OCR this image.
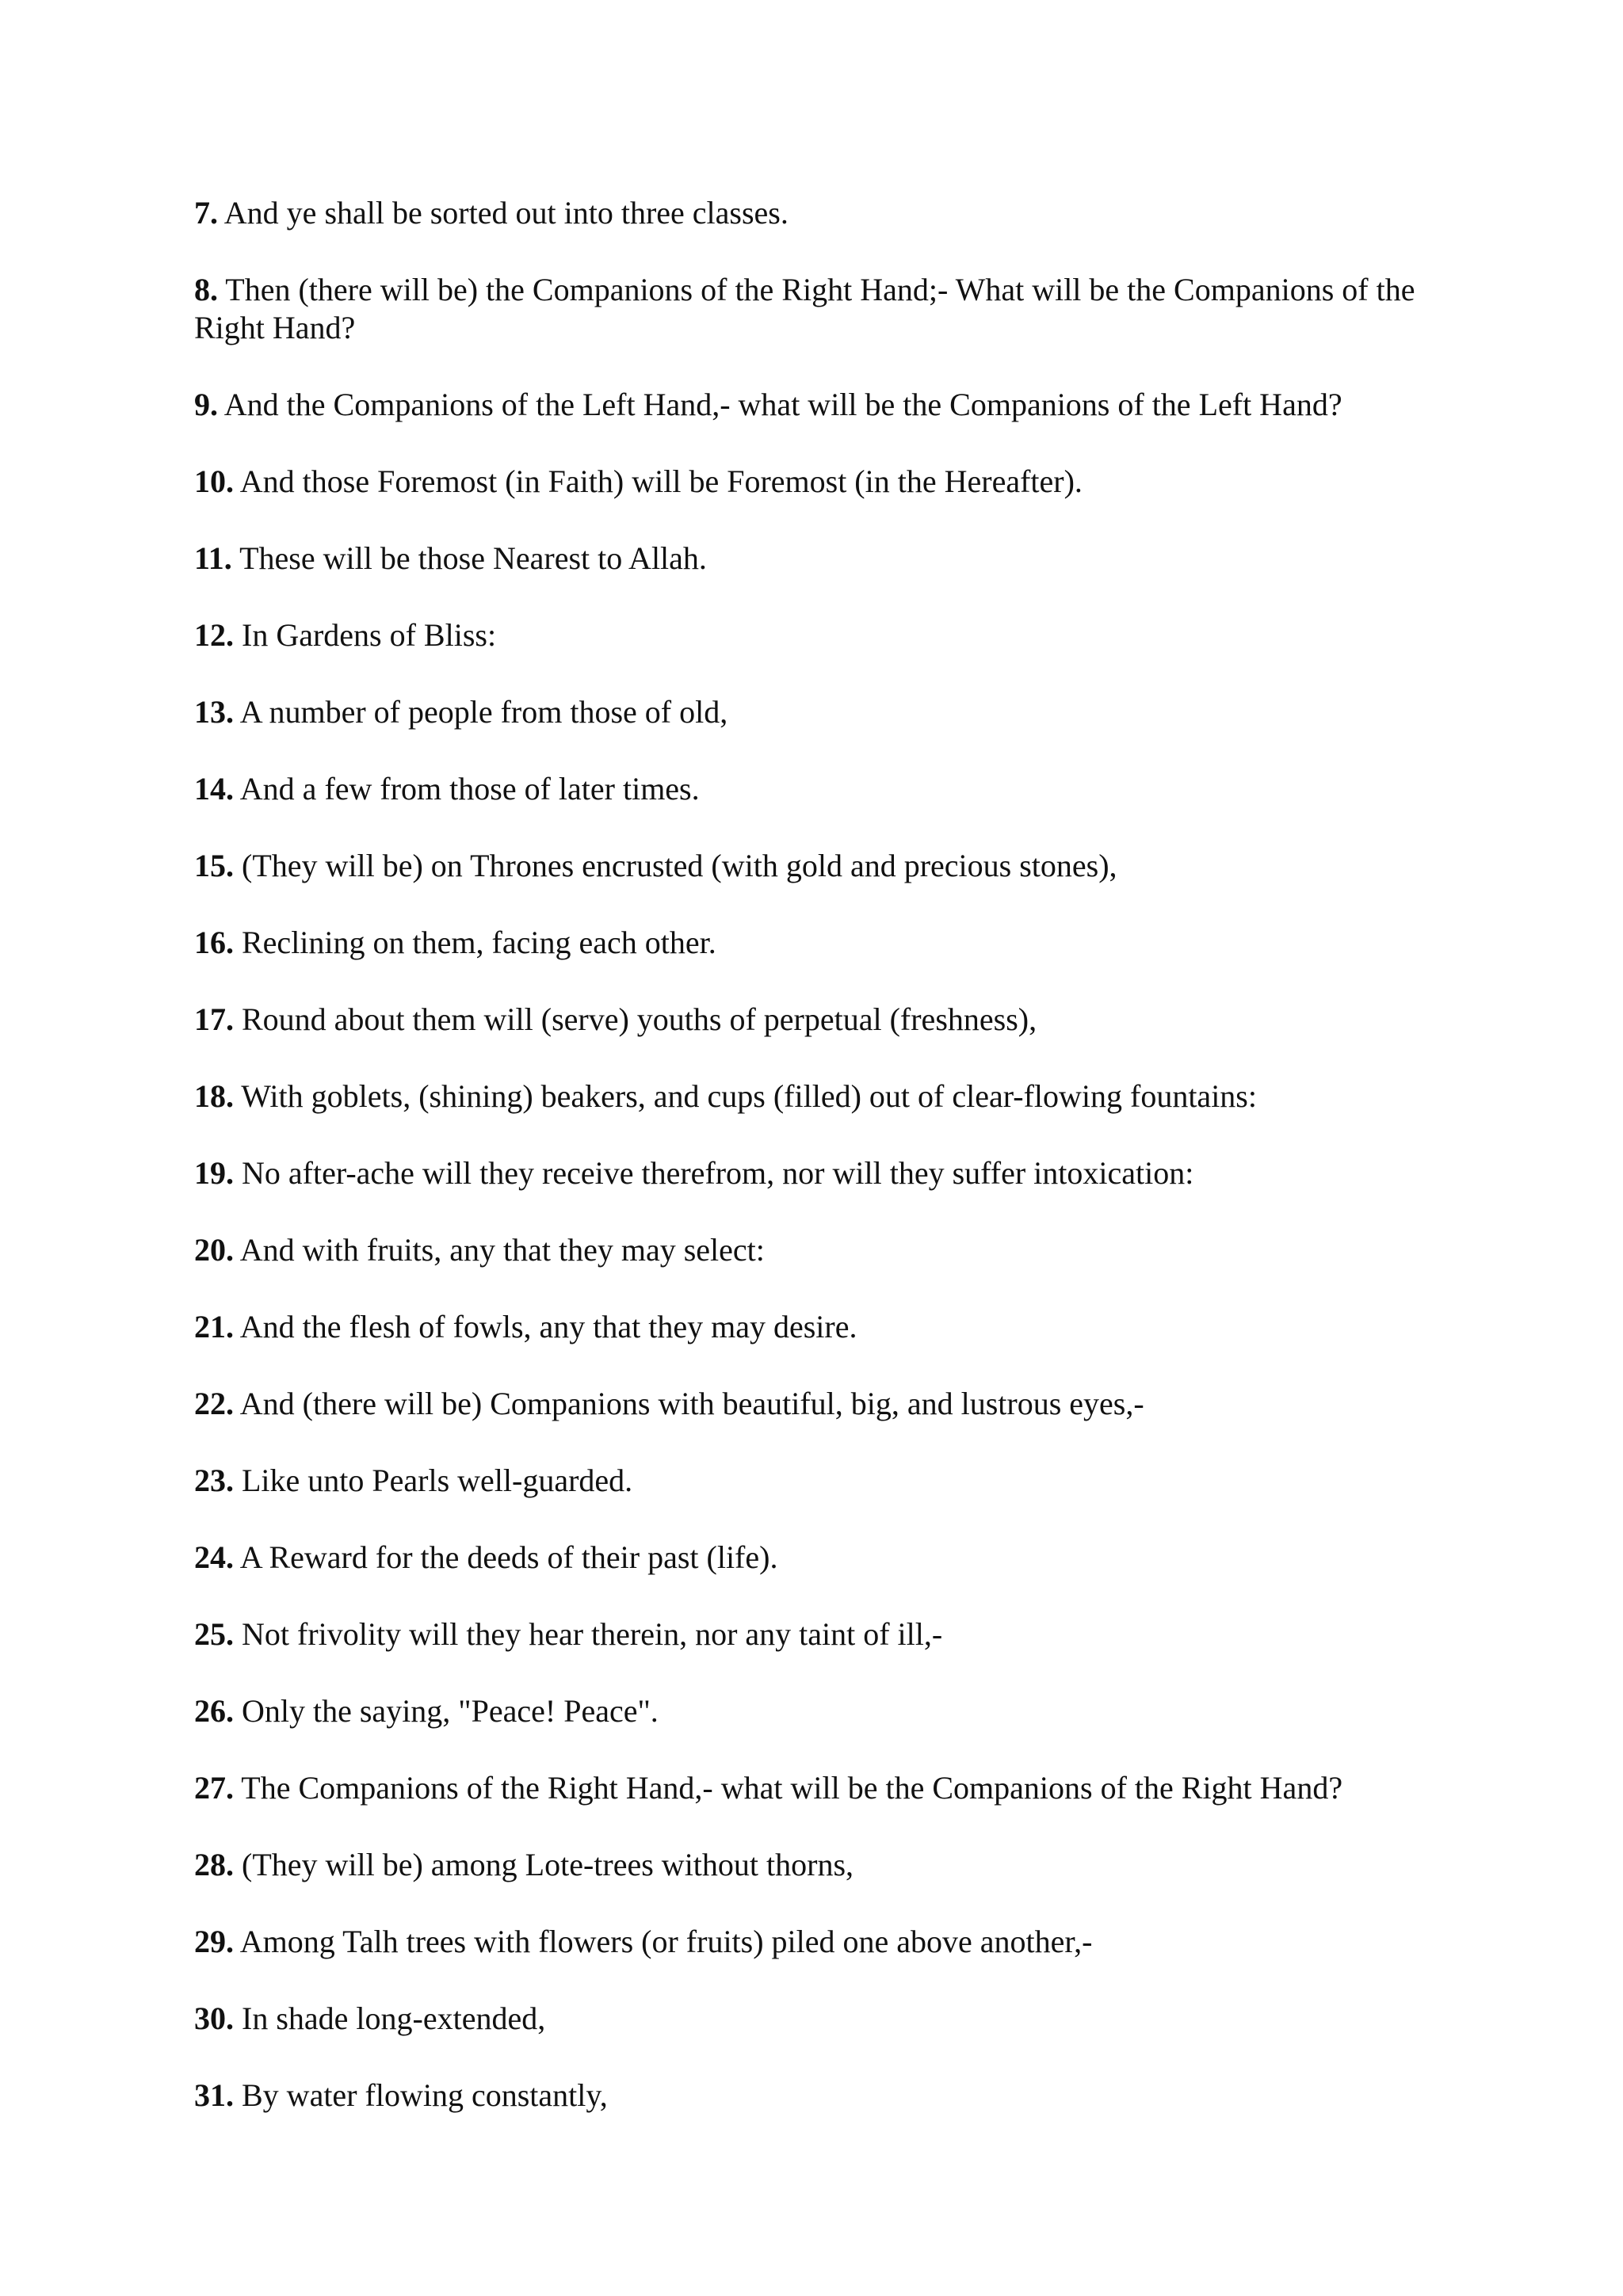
7. And ye shall be sorted out into three classes.
8. Then (there will be) the Companions of the Right Hand;- What will be the Companions of the Right Hand?
9. And the Companions of the Left Hand,- what will be the Companions of the Left Hand?
10. And those Foremost (in Faith) will be Foremost (in the Hereafter).
11. These will be those Nearest to Allah.
12. In Gardens of Bliss:
13. A number of people from those of old,
14. And a few from those of later times.
15. (They will be) on Thrones encrusted (with gold and precious stones),
16. Reclining on them, facing each other.
17. Round about them will (serve) youths of perpetual (freshness),
18. With goblets, (shining) beakers, and cups (filled) out of clear-flowing fountains:
19. No after-ache will they receive therefrom, nor will they suffer intoxication:
20. And with fruits, any that they may select:
21. And the flesh of fowls, any that they may desire.
22. And (there will be) Companions with beautiful, big, and lustrous eyes,-
23. Like unto Pearls well-guarded.
24. A Reward for the deeds of their past (life).
25. Not frivolity will they hear therein, nor any taint of ill,-
26. Only the saying, "Peace! Peace".
27. The Companions of the Right Hand,- what will be the Companions of the Right Hand?
28. (They will be) among Lote-trees without thorns,
29. Among Talh trees with flowers (or fruits) piled one above another,-
30. In shade long-extended,
31. By water flowing constantly,
